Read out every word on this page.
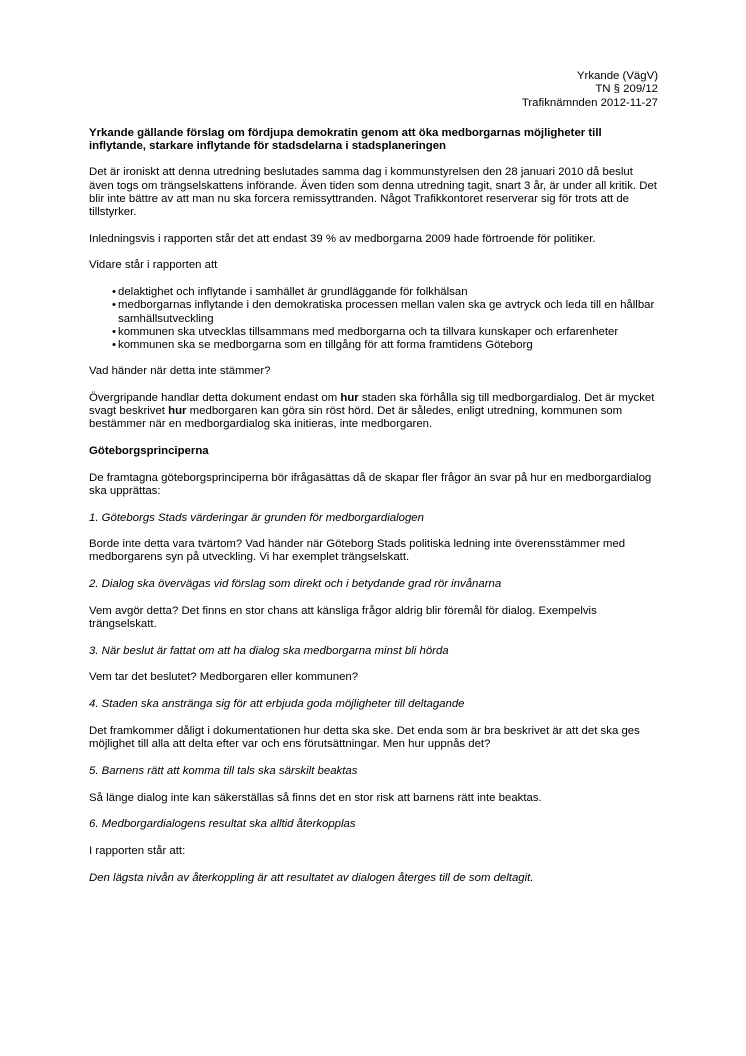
Yrkande (VägV)
TN § 209/12
Trafiknämnden 2012-11-27

Yrkande gällande förslag om fördjupa demokratin genom att öka medborgarnas möjligheter till inflytande, starkare inflytande för stadsdelarna i stadsplaneringen

Det är ironiskt att denna utredning beslutades samma dag i kommunstyrelsen den 28 januari 2010 då beslut även togs om trängselskattens införande. Även tiden som denna utredning tagit, snart 3 år, är under all kritik. Det blir inte bättre av att man nu ska forcera remissyttranden. Något Trafikkontoret reserverar sig för trots att de tillstyrker.

Inledningsvis i rapporten står det att endast 39 % av medborgarna 2009 hade förtroende för politiker.

Vidare står i rapporten att

• delaktighet och inflytande i samhället är grundläggande för folkhälsan
• medborgarnas inflytande i den demokratiska processen mellan valen ska ge avtryck och leda till en hållbar samhällsutveckling
• kommunen ska utvecklas tillsammans med medborgarna och ta tillvara kunskaper och erfarenheter
• kommunen ska se medborgarna som en tillgång för att forma framtidens Göteborg

Vad händer när detta inte stämmer?

Övergripande handlar detta dokument endast om hur staden ska förhålla sig till medborgardialog. Det är mycket svagt beskrivet hur medborgaren kan göra sin röst hörd. Det är således, enligt utredning, kommunen som bestämmer när en medborgardialog ska initieras, inte medborgaren.

Göteborgsprinciperna

De framtagna göteborgsprinciperna bör ifrågasättas då de skapar fler frågor än svar på hur en medborgardialog ska upprättas:

1. Göteborgs Stads värderingar är grunden för medborgardialogen

Borde inte detta vara tvärtom? Vad händer när Göteborg Stads politiska ledning inte överensstämmer med medborgarens syn på utveckling. Vi har exemplet trängselskatt.

2. Dialog ska övervägas vid förslag som direkt och i betydande grad rör invånarna

Vem avgör detta? Det finns en stor chans att känsliga frågor aldrig blir föremål för dialog. Exempelvis trängselskatt.

3. När beslut är fattat om att ha dialog ska medborgarna minst bli hörda

Vem tar det beslutet? Medborgaren eller kommunen?

4. Staden ska anstränga sig för att erbjuda goda möjligheter till deltagande

Det framkommer dåligt i dokumentationen hur detta ska ske. Det enda som är bra beskrivet är att det ska ges möjlighet till alla att delta efter var och ens förutsättningar. Men hur uppnås det?

5. Barnens rätt att komma till tals ska särskilt beaktas

Så länge dialog inte kan säkerställas så finns det en stor risk att barnens rätt inte beaktas.

6. Medborgardialogens resultat ska alltid återkopplas

I rapporten står att:

Den lägsta nivån av återkoppling är att resultatet av dialogen återges till de som deltagit.
